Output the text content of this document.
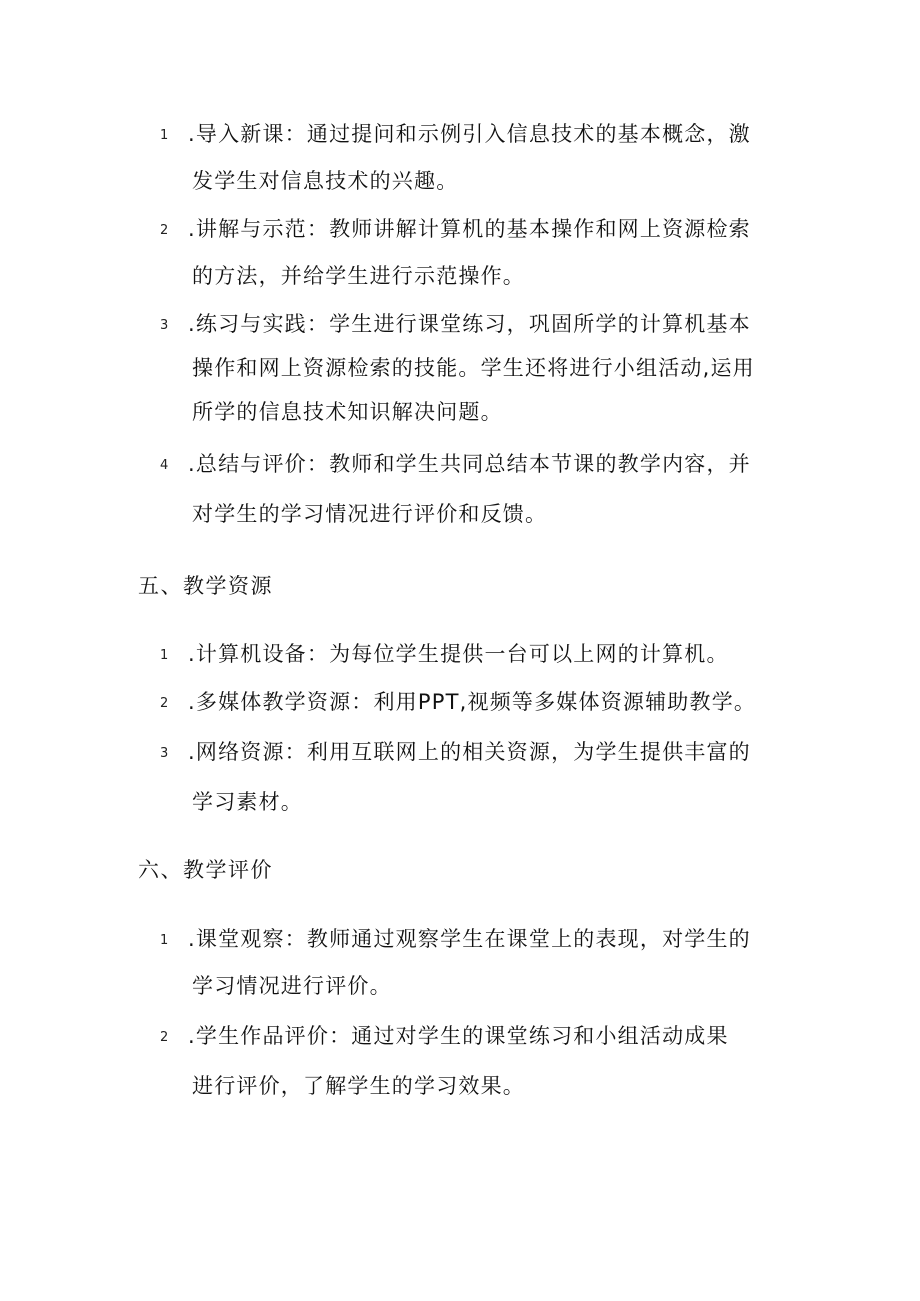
1 .导入新课：通过提问和示例引入信息技术的基本概念，激
发学生对信息技术的兴趣。
2 .讲解与示范：教师讲解计算机的基本操作和网上资源检索
的方法，并给学生进行示范操作。
3 .练习与实践：学生进行课堂练习，巩固所学的计算机基本
操作和网上资源检索的技能。学生还将进行小组活动,运用
所学的信息技术知识解决问题。
4 .总结与评价：教师和学生共同总结本节课的教学内容，并
对学生的学习情况进行评价和反馈。
五、教学资源
1 .计算机设备：为每位学生提供一台可以上网的计算机。
2 .多媒体教学资源：利用PPT,视频等多媒体资源辅助教学。
3 .网络资源：利用互联网上的相关资源，为学生提供丰富的
学习素材。
六、教学评价
1 .课堂观察：教师通过观察学生在课堂上的表现，对学生的
学习情况进行评价。
2 .学生作品评价：通过对学生的课堂练习和小组活动成果
进行评价，了解学生的学习效果。
